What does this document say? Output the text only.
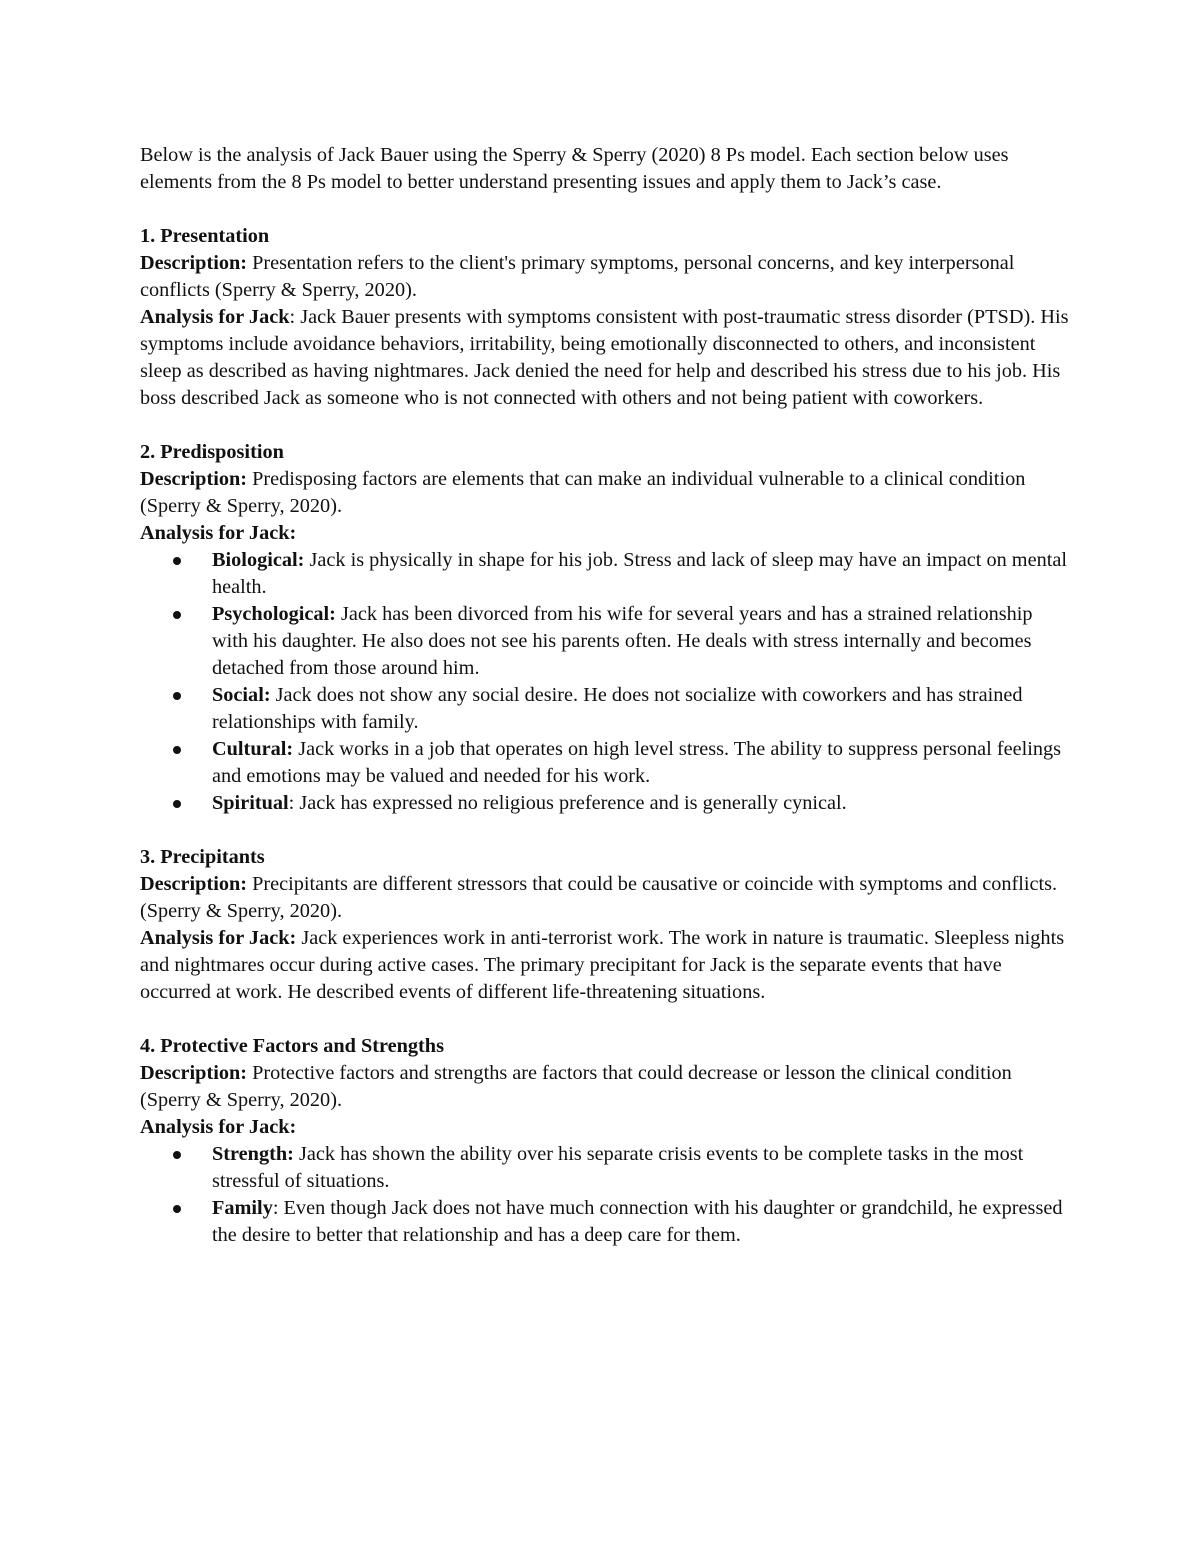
Below is the analysis of Jack Bauer using the Sperry & Sperry (2020) 8 Ps model. Each section below uses elements from the 8 Ps model to better understand presenting issues and apply them to Jack’s case.

1. Presentation

Description: Presentation refers to the client's primary symptoms, personal concerns, and key interpersonal conflicts (Sperry & Sperry, 2020).

Analysis for Jack: Jack Bauer presents with symptoms consistent with post-traumatic stress disorder (PTSD). His symptoms include avoidance behaviors, irritability, being emotionally disconnected to others, and inconsistent sleep as described as having nightmares. Jack denied the need for help and described his stress due to his job. His boss described Jack as someone who is not connected with others and not being patient with coworkers.

2. Predisposition

Description: Predisposing factors are elements that can make an individual vulnerable to a clinical condition (Sperry & Sperry, 2020).

Analysis for Jack:

Biological: Jack is physically in shape for his job. Stress and lack of sleep may have an impact on mental health.
Psychological: Jack has been divorced from his wife for several years and has a strained relationship with his daughter. He also does not see his parents often. He deals with stress internally and becomes detached from those around him.
Social: Jack does not show any social desire. He does not socialize with coworkers and has strained relationships with family.
Cultural: Jack works in a job that operates on high level stress. The ability to suppress personal feelings and emotions may be valued and needed for his work.
Spiritual: Jack has expressed no religious preference and is generally cynical.

3. Precipitants

Description: Precipitants are different stressors that could be causative or coincide with symptoms and conflicts. (Sperry & Sperry, 2020).

Analysis for Jack: Jack experiences work in anti-terrorist work. The work in nature is traumatic. Sleepless nights and nightmares occur during active cases. The primary precipitant for Jack is the separate events that have occurred at work. He described events of different life-threatening situations.

4. Protective Factors and Strengths

Description: Protective factors and strengths are factors that could decrease or lesson the clinical condition (Sperry & Sperry, 2020).

Analysis for Jack:

Strength: Jack has shown the ability over his separate crisis events to be complete tasks in the most stressful of situations.
Family: Even though Jack does not have much connection with his daughter or grandchild, he expressed the desire to better that relationship and has a deep care for them.
